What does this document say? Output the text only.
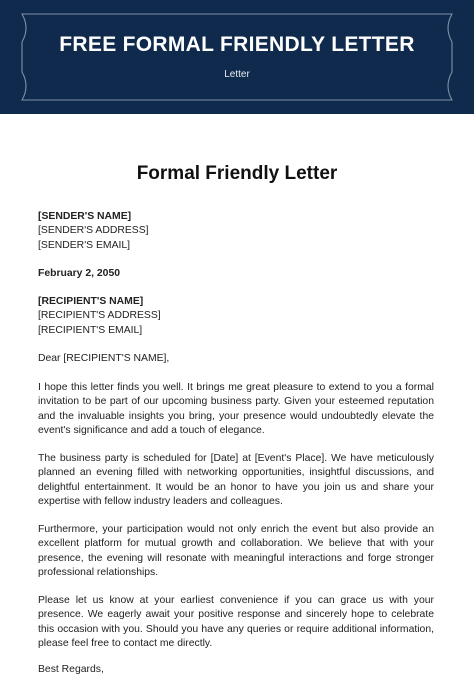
FREE FORMAL FRIENDLY LETTER
Letter
Formal Friendly Letter
[SENDER'S NAME]
[SENDER'S ADDRESS]
[SENDER'S EMAIL]
February 2, 2050
[RECIPIENT'S NAME]
[RECIPIENT'S ADDRESS]
[RECIPIENT'S EMAIL]
Dear [RECIPIENT'S NAME],
I hope this letter finds you well. It brings me great pleasure to extend to you a formal invitation to be part of our upcoming business party. Given your esteemed reputation and the invaluable insights you bring, your presence would undoubtedly elevate the event's significance and add a touch of elegance.
The business party is scheduled for [Date] at [Event's Place]. We have meticulously planned an evening filled with networking opportunities, insightful discussions, and delightful entertainment. It would be an honor to have you join us and share your expertise with fellow industry leaders and colleagues.
Furthermore, your participation would not only enrich the event but also provide an excellent platform for mutual growth and collaboration. We believe that with your presence, the evening will resonate with meaningful interactions and forge stronger professional relationships.
Please let us know at your earliest convenience if you can grace us with your presence. We eagerly await your positive response and sincerely hope to celebrate this occasion with you. Should you have any queries or require additional information, please feel free to contact me directly.
Best Regards,
